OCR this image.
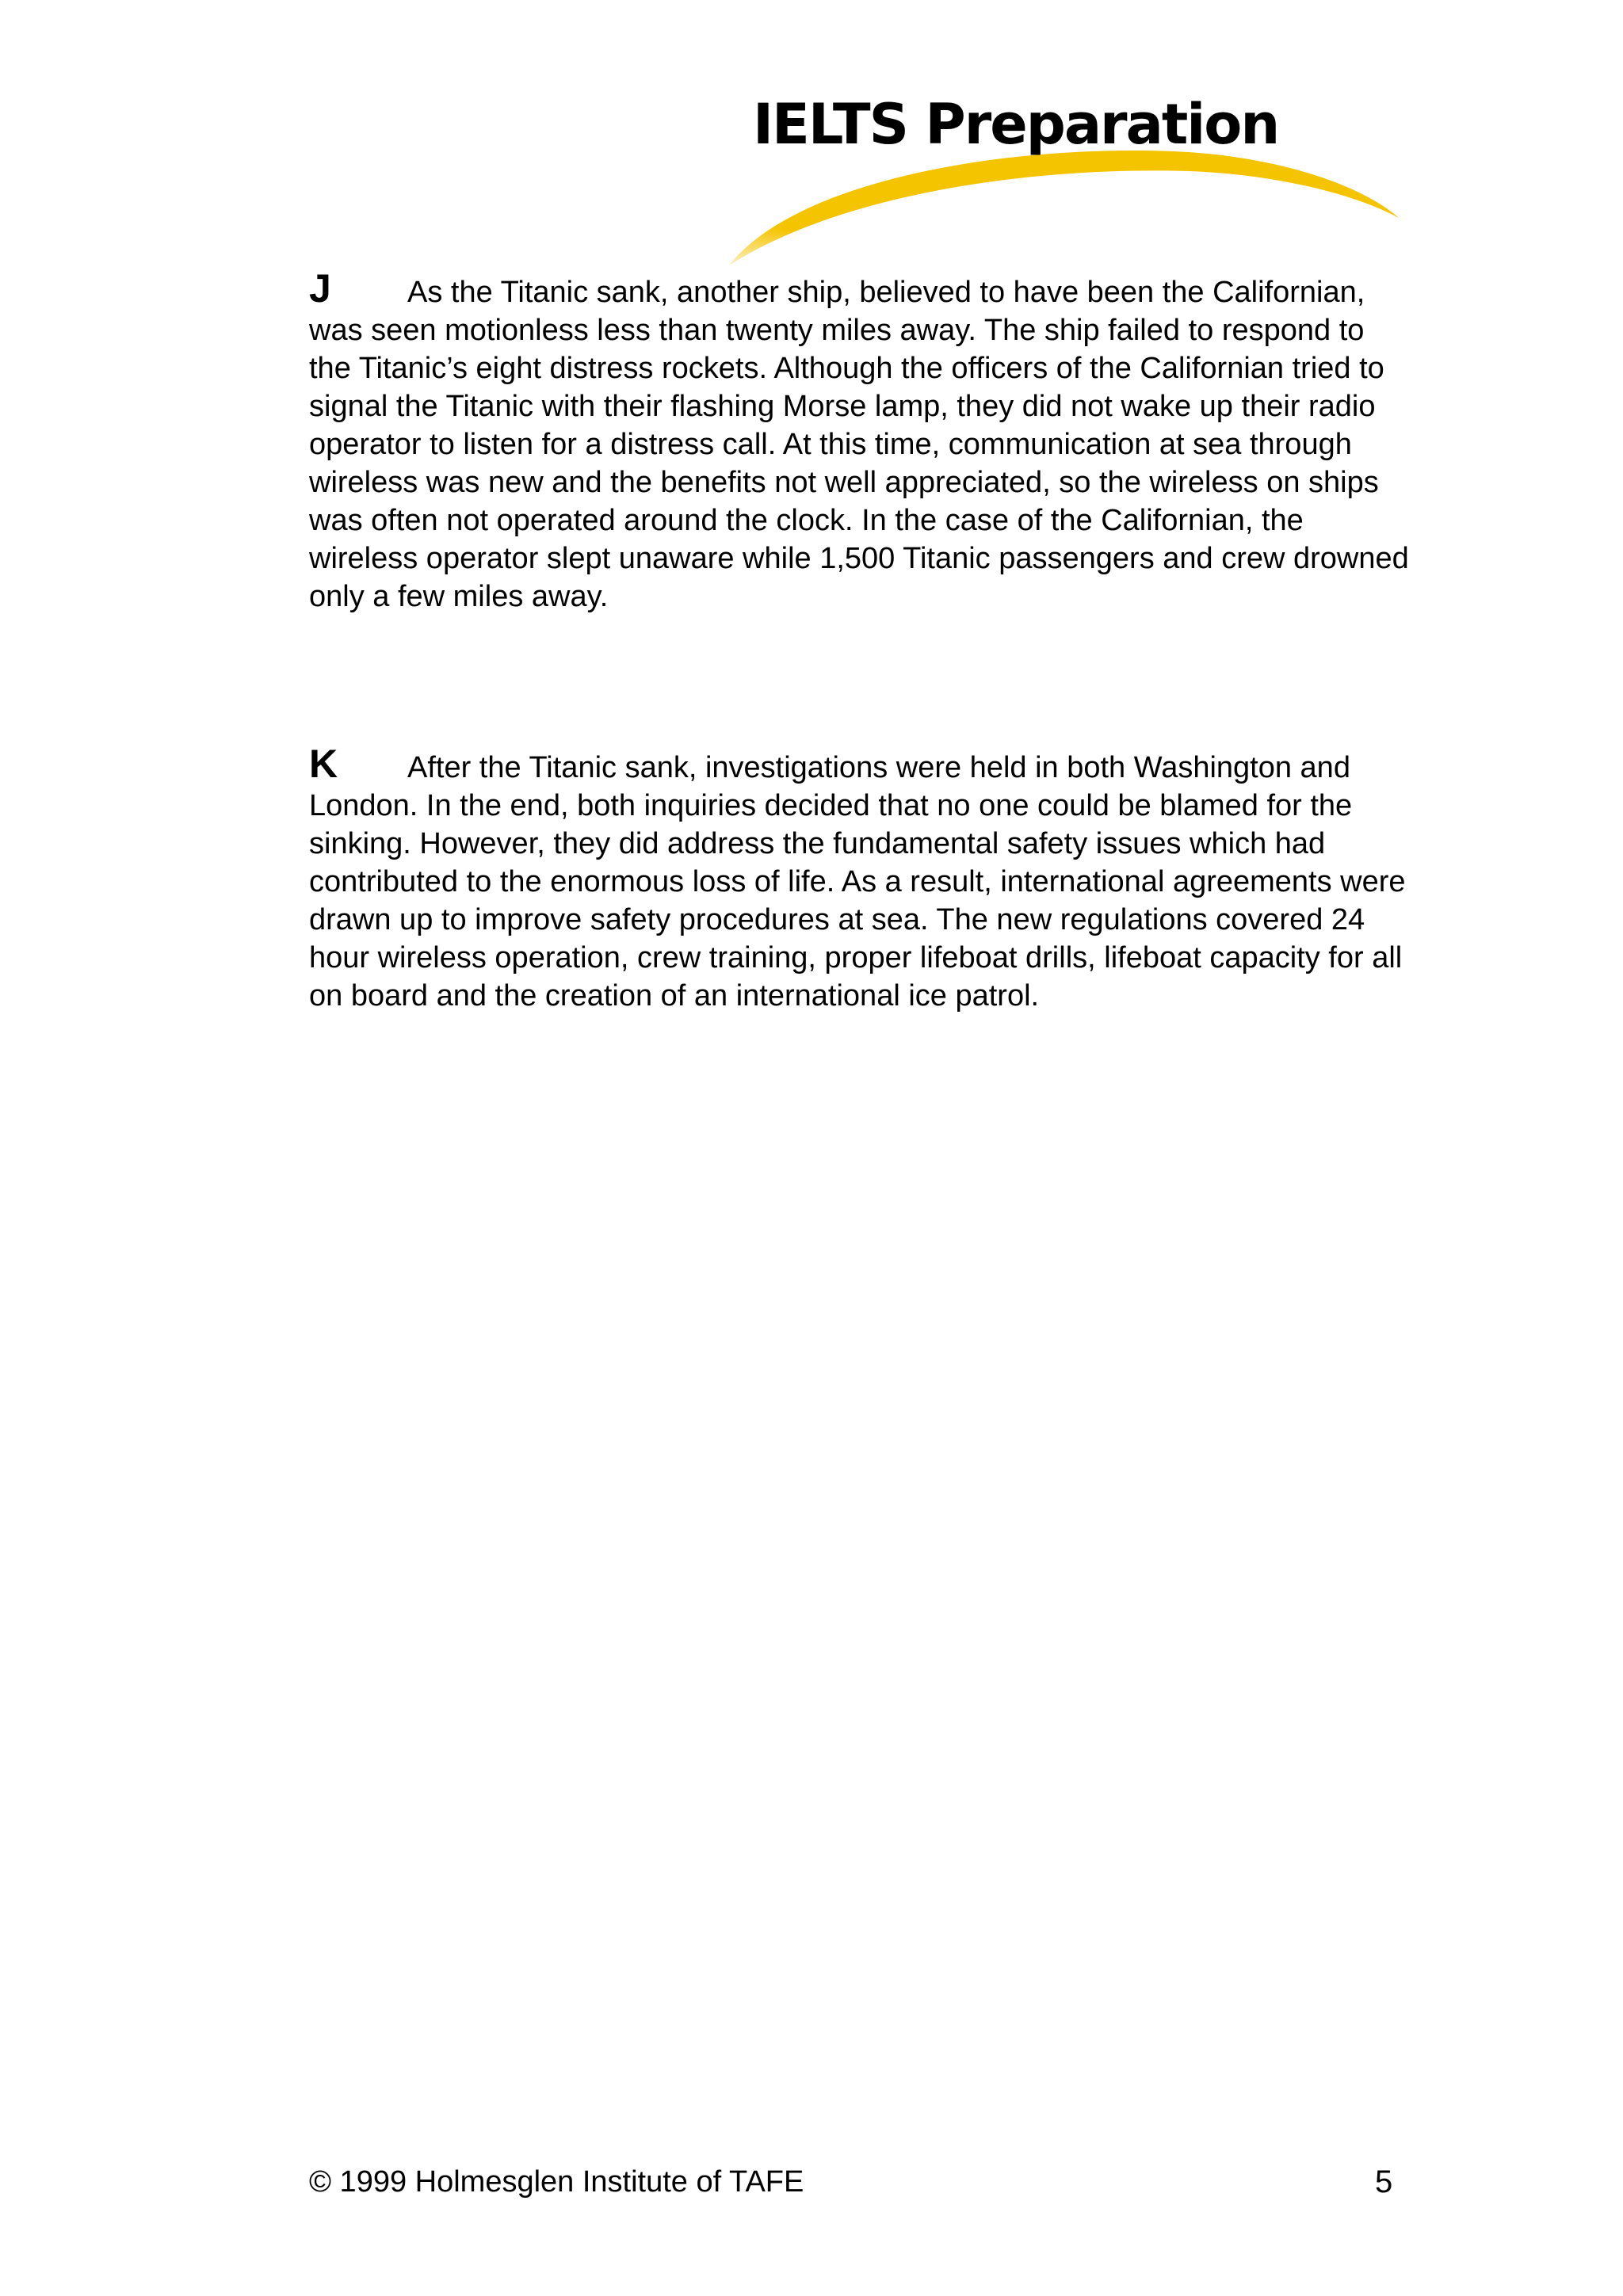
IELTS Preparation
J	As the Titanic sank, another ship, believed to have been the Californian, was seen motionless less than twenty miles away. The ship failed to respond to the Titanic’s eight distress rockets. Although the officers of the Californian tried to signal the Titanic with their flashing Morse lamp, they did not wake up their radio operator to listen for a distress call. At this time, communication at sea through wireless was new and the benefits not well appreciated, so the wireless on ships was often not operated around the clock. In the case of the Californian, the wireless operator slept unaware while 1,500 Titanic passengers and crew drowned only a few miles away.
K After the Titanic sank, investigations were held in both Washington and London. In the end, both inquiries decided that no one could be blamed for the sinking. However, they did address the fundamental safety issues which had contributed to the enormous loss of life. As a result, international agreements were drawn up to improve safety procedures at sea. The new regulations covered 24 hour wireless operation, crew training, proper lifeboat drills, lifeboat capacity for all on board and the creation of an international ice patrol.
© 1999 Holmesglen Institute of TAFE	5
